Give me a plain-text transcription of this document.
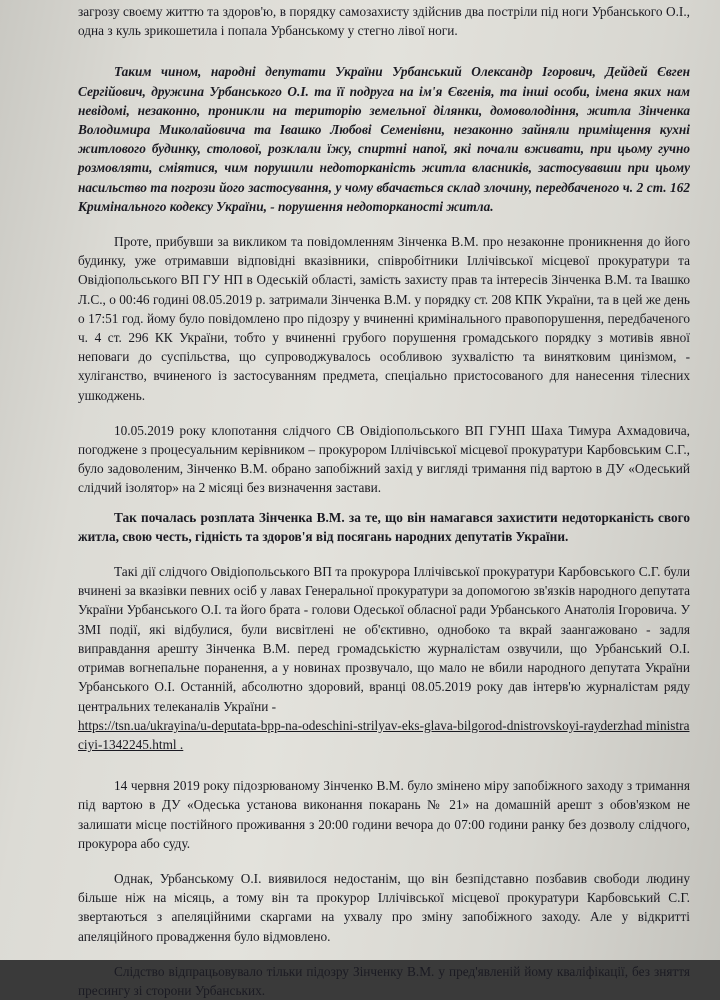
загрозу своєму життю та здоров'ю, в порядку самозахисту здійснив два постріли під ноги Урбанського О.І., одна з куль зрикошетила і попала Урбанському у стегно лівої ноги.

Таким чином, народні депутати України Урбанський Олександр Ігорович, Дейдей Євген Сергійович, дружина Урбанського О.І. та її подруга на ім'я Євгенія, та інші особи, імена яких нам невідомі, незаконно, проникли на територію земельної ділянки, домоволодіння, житла Зінченка Володимира Миколайовича та Івашко Любові Семенівни, незаконно зайняли приміщення кухні житлового будинку, столової, розклали їжу, спиртні напої, які почали вживати, при цьому гучно розмовляти, сміятися, чим порушили недоторканість житла власників, застосувавши при цьому насильство та погрози його застосування, у чому вбачається склад злочину, передбаченого ч. 2 ст. 162 Кримінального кодексу України, - порушення недоторканості житла.

Проте, прибувши за викликом та повідомленням Зінченка В.М. про незаконне проникнення до його будинку, уже отримавши відповідні вказівники, співробітники Іллічівської місцевої прокуратури та Овідіопольського ВП ГУ НП в Одеській області, замість захисту прав та інтересів Зінченка В.М. та Івашко Л.С., о 00:46 годині 08.05.2019 р. затримали Зінченка В.М. у порядку ст. 208 КПК України, та в цей же день о 17:51 год. йому було повідомлено про підозру у вчиненні кримінального правопорушення, передбаченого ч. 4 ст. 296 КК України, тобто у вчиненні грубого порушення громадського порядку з мотивів явної неповаги до суспільства, що супроводжувалось особливою зухвалістю та винятковим цинізмом, - хуліганство, вчиненого із застосуванням предмета, спеціально пристосованого для нанесення тілесних ушкоджень.

10.05.2019 року клопотання слідчого СВ Овідіопольського ВП ГУНП Шаха Тимура Ахмадовича, погоджене з процесуальним керівником – прокурором Іллічівської місцевої прокуратури Карбовським С.Г., було задоволеним, Зінченко В.М. обрано запобіжний захід у вигляді тримання під вартою в ДУ «Одеський слідчий ізолятор» на 2 місяці без визначення застави.

Так почалась розплата Зінченка В.М. за те, що він намагався захистити недоторканість свого житла, свою честь, гідність та здоров'я від посягань народних депутатів України.

Такі дії слідчого Овідіопольського ВП та прокурора Іллічівської прокуратури Карбовського С.Г. були вчинені за вказівки певних осіб у лавах Генеральної прокуратури за допомогою зв'язків народного депутата України Урбанського О.І. та його брата - голови Одеської обласної ради Урбанського Анатолія Ігоровича. У ЗМІ події, які відбулися, були висвітлені не об'єктивно, однобоко та вкрай заангажовано - задля виправдання арешту Зінченка В.М. перед громадськістю журналістам озвучили, що Урбанський О.І. отримав вогнепальне поранення, а у новинах прозвучало, що мало не вбили народного депутата України Урбанського О.І. Останній, абсолютно здоровий, вранці 08.05.2019 року дав інтерв'ю журналістам ряду центральних телеканалів України -

https://tsn.ua/ukrayina/u-deputata-bpp-na-odeschini-strilyav-eks-glava-bilgorod-dnistrovskoyi-rayderzhad ministraciyi-1342245.html .

14 червня 2019 року підозрюваному Зінченко В.М. було змінено міру запобіжного заходу з тримання під вартою в ДУ «Одеська установа виконання покарань № 21» на домашній арешт з обов'язком не залишати місце постійного проживання з 20:00 години вечора до 07:00 години ранку без дозволу слідчого, прокурора або суду.

Однак, Урбанському О.І. виявилося недостанім, що він безпідставно позбавив свободи людину більше ніж на місяць, а тому він та прокурор Іллічівської місцевої прокуратури Карбовський С.Г. звертаються з апеляційними скаргами на ухвалу про зміну запобіжного заходу. Але у відкритті апеляційного провадження було відмовлено.

Слідство відпрацьовувало тільки підозру Зінченку В.М. у пред'явленій йому кваліфікації, без зняття пресингу зі сторони Урбанських.
